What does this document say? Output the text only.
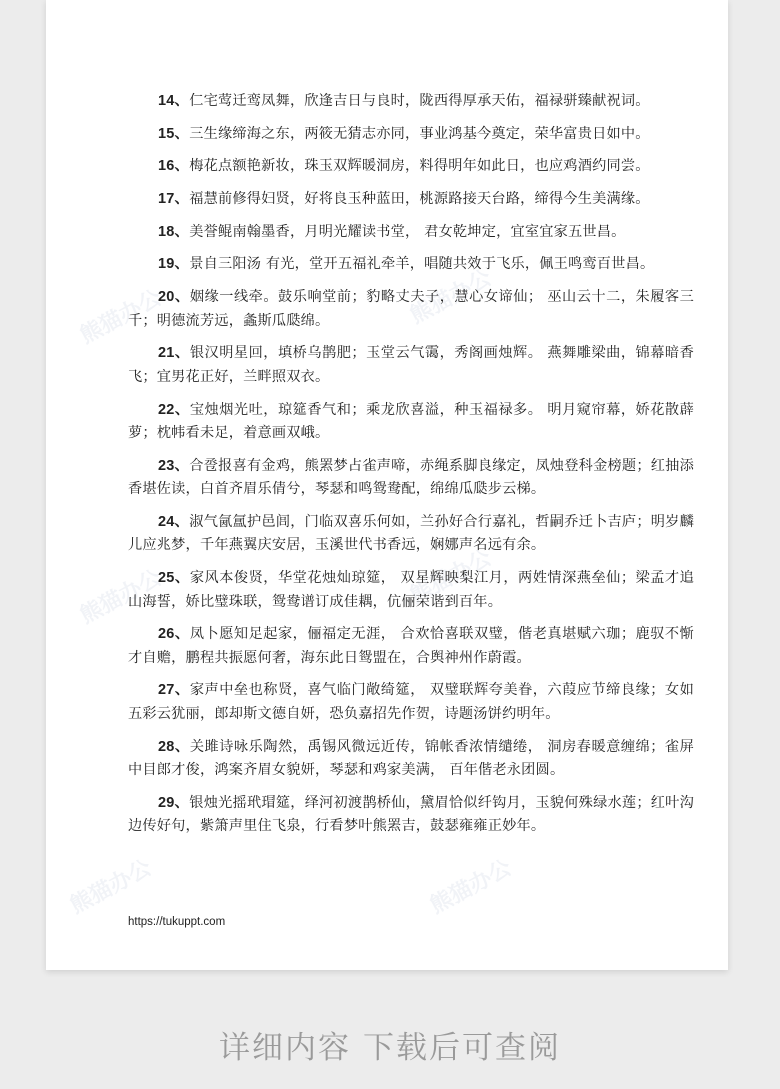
熊猫办公
熊猫办公	熊猫办公
熊猫办公
熊猫办公	熊猫办公

14、仁宅莺迁鸾凤舞，欣逢吉日与良时，陇西得厚承天佑，福禄骈臻献祝词。

15、三生缘缔海之东，两筱无猜志亦同，事业鸿基今奠定，荣华富贵日如中。

16、梅花点额艳新妆，珠玉双辉暖洞房，料得明年如此日，也应鸡酒约同尝。

17、福慧前修得妇贤，好将良玉种蓝田，桃源路接天台路，缔得今生美满缘。

18、美誉鲲南翰墨香，月明光耀读书堂， 君女乾坤定，宜室宜家五世昌。

19、景自三阳汤 有光，堂开五福礼牵羊，唱随共效于飞乐，佩王鸣鸾百世昌。

20、姻缘一线牵。鼓乐响堂前；豹略丈夫子，慧心女谛仙； 巫山云十二，朱履客三千；明德流芳远，螽斯瓜瓞绵。

21、银汉明星回，填桥乌鹊肥；玉堂云气霭，秀阁画烛辉。 燕舞雕梁曲，锦幕暗香飞；宜男花正好，兰畔照双衣。

22、宝烛烟光吐，琼筵香气和；乘龙欣喜溢，种玉福禄多。 明月窥帘幕，娇花散薜萝；枕帏看未足，着意画双峨。

23、合卺报喜有金鸡，熊罴梦占雀声啼，赤绳系脚良缘定，凤烛登科金榜题；红抽添香堪佐读，白首齐眉乐倩兮，琴瑟和鸣鸳鸯配，绵绵瓜瓞步云梯。

24、淑气氤氲护邑闾，门临双喜乐何如，兰孙好合行嘉礼，哲嗣乔迁卜吉庐；明岁麟儿应兆梦，千年燕翼庆安居，玉溪世代书香远，娴娜声名远有余。

25、家风本俊贤，华堂花烛灿琼筵， 双星辉映梨江月，两姓情深燕垒仙；梁孟才追山海誓，娇比璧珠联，鸳鸯谱订成佳耦，伉俪荣谐到百年。

26、凤卜愿知足起家，俪福定无涯， 合欢恰喜联双璧，偕老真堪赋六珈；鹿驭不惭才自赡，鹏程共振愿何奢，海东此日鸳盟在，合舆神州作蔚霞。

27、家声中垒也称贤，喜气临门敞绮筵， 双璧联辉夸美眷，六葭应节缔良缘；女如五彩云犹丽，郎却斯文德自妍，恐负嘉招先作贺，诗题汤饼约明年。

28、关雎诗咏乐陶然，禹锡风微远近传，锦帐香浓情缱绻， 洞房春暖意缠绵；雀屏中目郎才俊，鸿案齐眉女貌妍，琴瑟和鸡家美满， 百年偕老永团圆。

29、银烛光摇玳瑁筵，绎河初渡鹊桥仙，黛眉恰似纤钩月，玉貌何殊绿水莲；红叶沟边传好句，紫箫声里住飞泉，行看梦叶熊罴吉，鼓瑟雍雍正妙年。

https://tukuppt.com
详细内容 下载后可查阅
